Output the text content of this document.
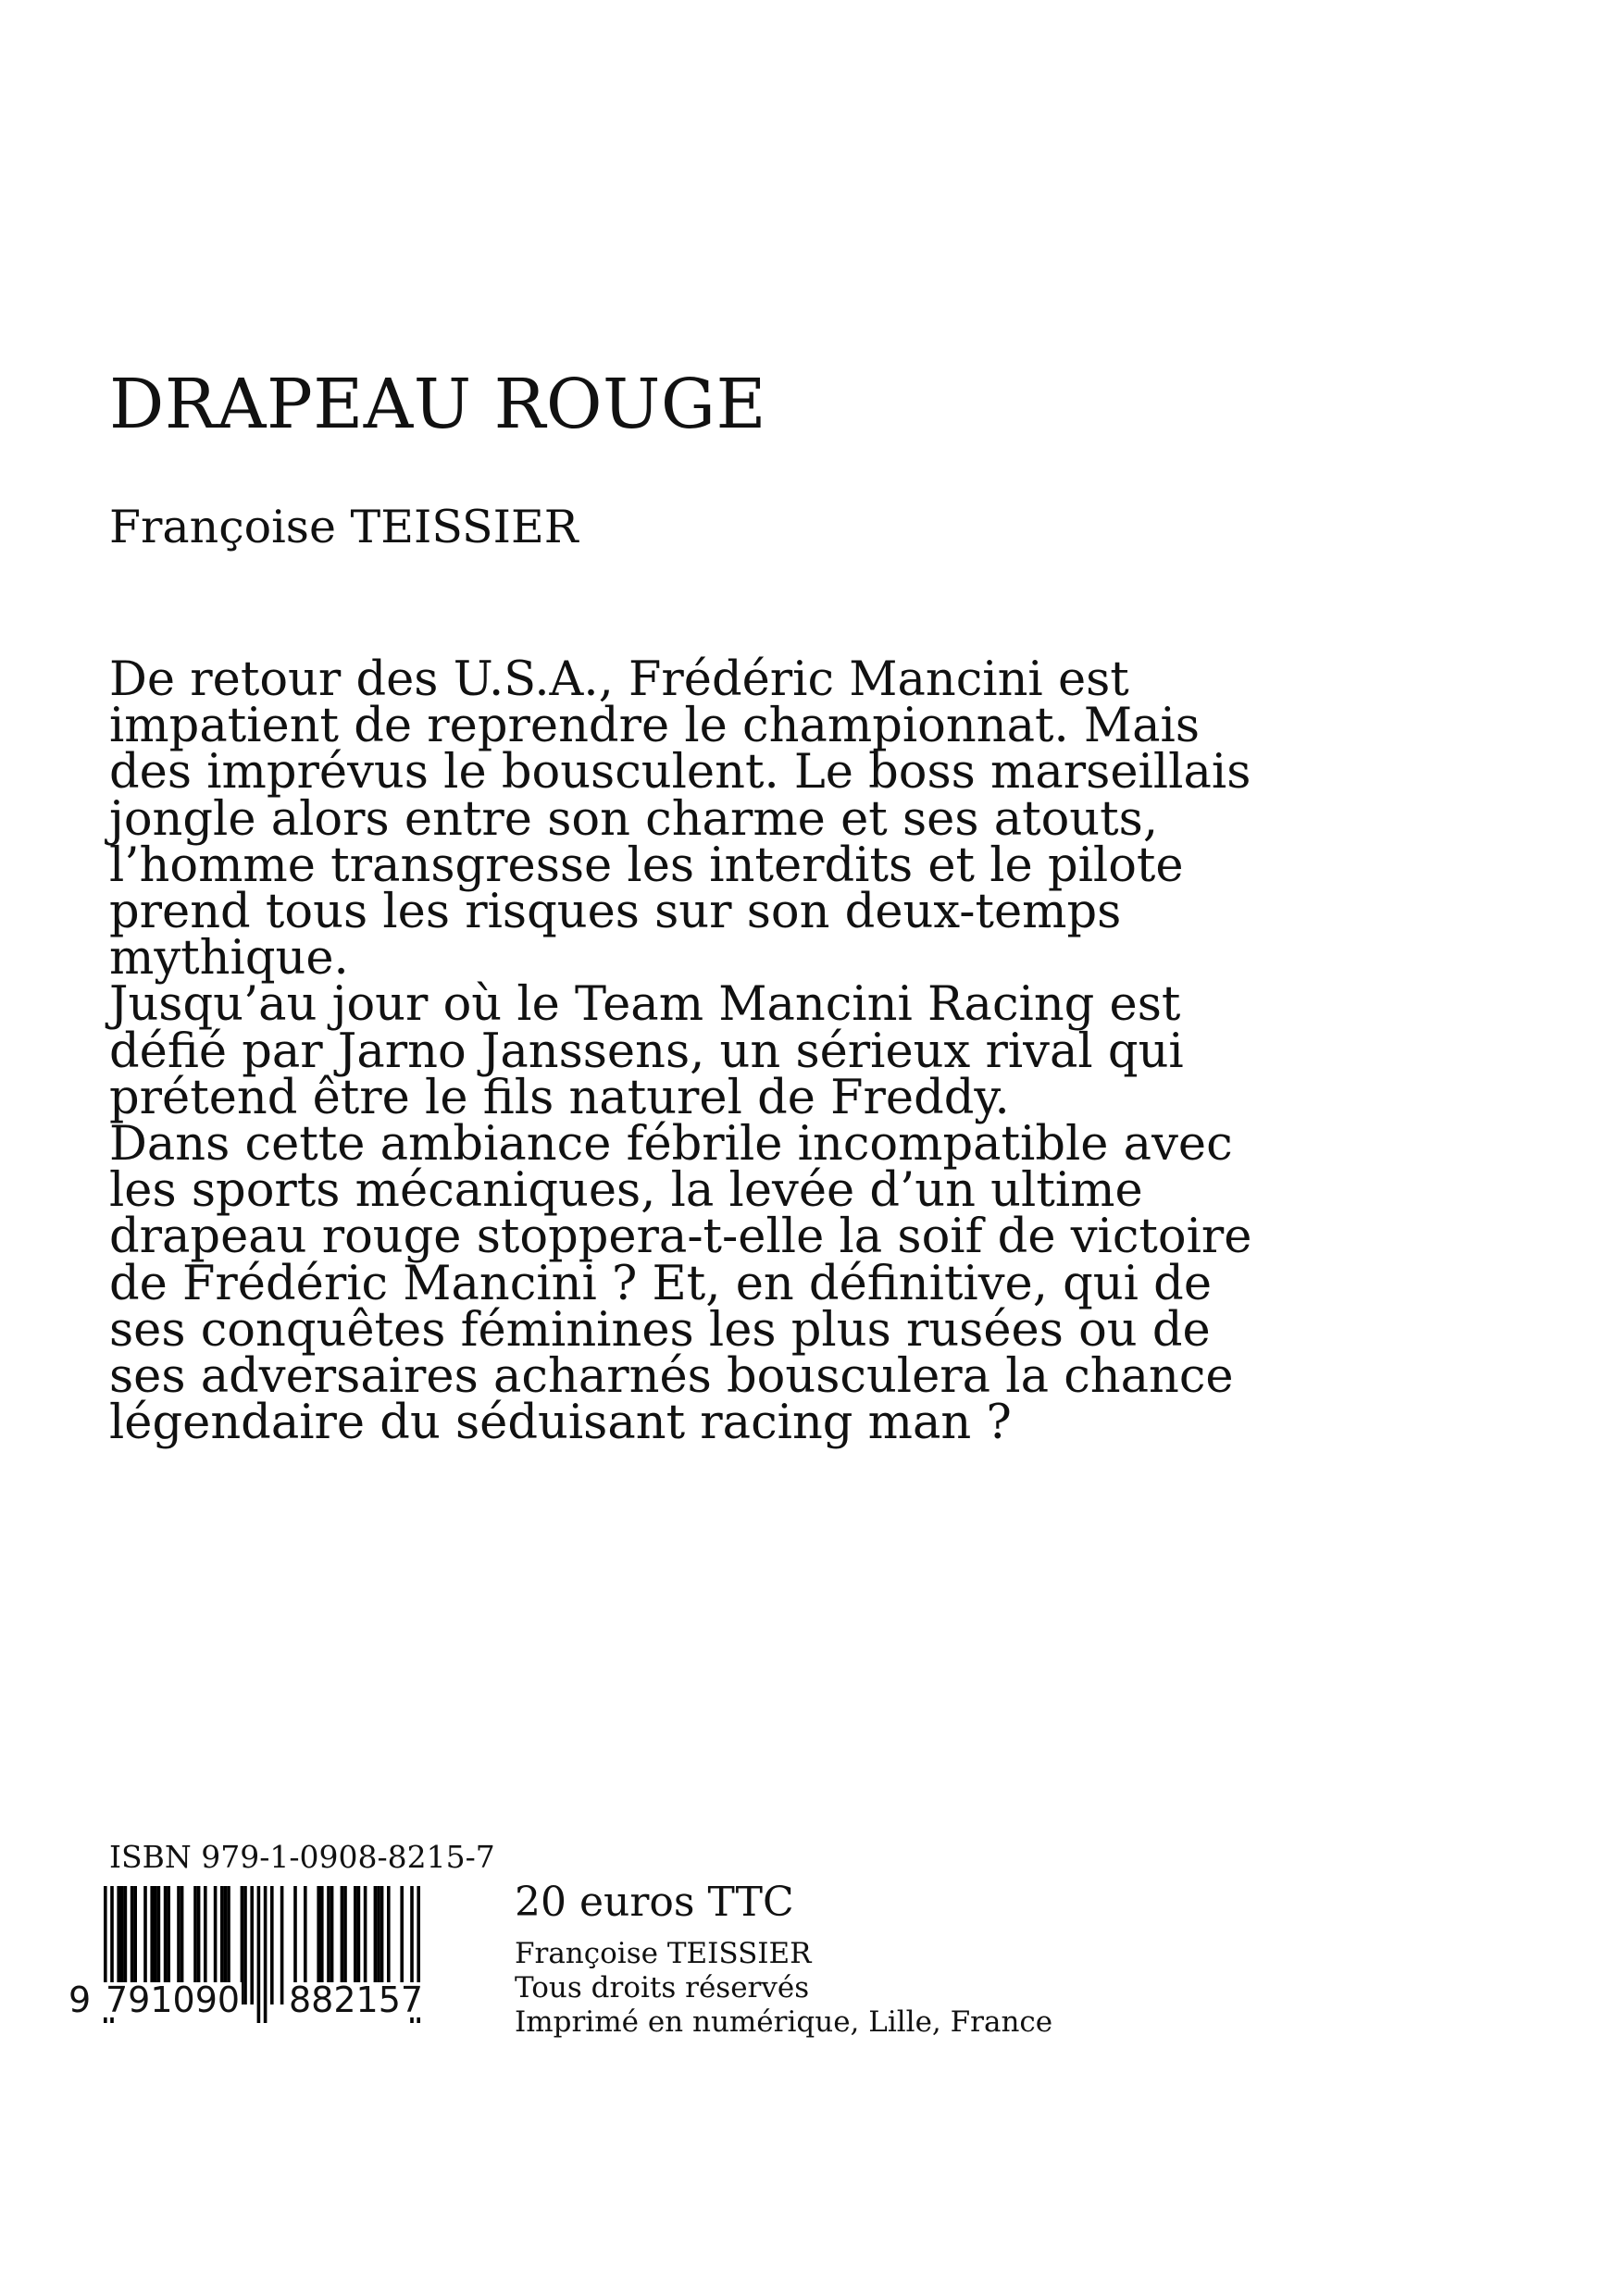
DRAPEAU ROUGE
Françoise TEISSIER

De retour des U.S.A., Frédéric Mancini est impatient de reprendre le championnat. Mais des imprévus le bousculent. Le boss marseillais jongle alors entre son charme et ses atouts, l’homme transgresse les interdits et le pilote prend tous les risques sur son deux-temps mythique.

Jusqu’au jour où le Team Mancini Racing est défié par Jarno Janssens, un sérieux rival qui prétend être le fils naturel de Freddy.

Dans cette ambiance fébrile incompatible avec les sports mécaniques, la levée d’un ultime drapeau rouge stoppera-t-elle la soif de victoire de Frédéric Mancini ? Et, en définitive, qui de ses conquêtes féminines les plus rusées ou de ses adversaires acharnés bousculera la chance légendaire du séduisant racing man ?

ISBN 979-1-0908-8215-7
9 791090 882157
20 euros TTC
Françoise TEISSIER
Tous droits réservés
Imprimé en numérique, Lille, France
